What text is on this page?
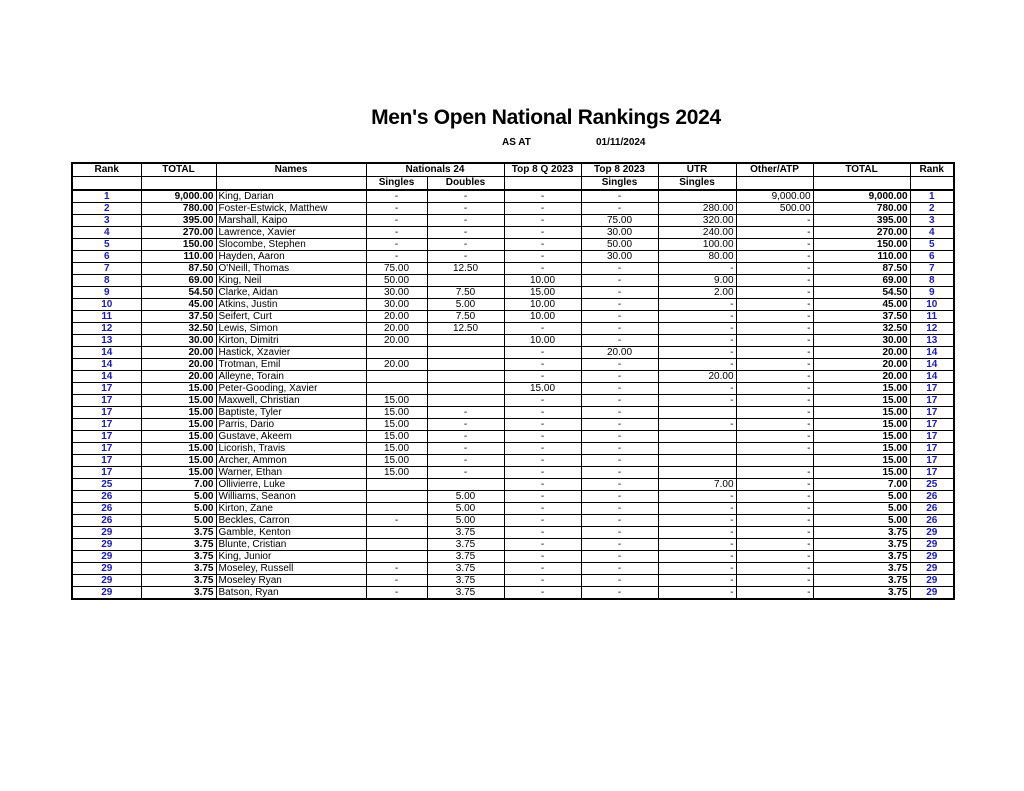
Men's Open National Rankings 2024
AS AT	01/11/2024
Rank	TOTAL	Names	Nationals 24		Top 8 Q 2023	Top 8 2023	UTR	Other/ATP	TOTAL	Rank
			Singles	Doubles		Singles	Singles			
1	9,000.00	King, Darian	-	-	-	-		9,000.00	9,000.00	1
2	780.00	Foster-Estwick, Matthew	-	-	-	-	280.00	500.00	780.00	2
3	395.00	Marshall, Kaipo	-	-	-	75.00	320.00	-	395.00	3
4	270.00	Lawrence, Xavier	-	-	-	30.00	240.00	-	270.00	4
5	150.00	Slocombe, Stephen	-	-	-	50.00	100.00	-	150.00	5
6	110.00	Hayden, Aaron	-	-	-	30.00	80.00	-	110.00	6
7	87.50	O'Neill, Thomas	75.00	12.50	-	-	-	-	87.50	7
8	69.00	King, Neil	50.00		10.00	-	9.00	-	69.00	8
9	54.50	Clarke, Aidan	30.00	7.50	15.00	-	2.00	-	54.50	9
10	45.00	Atkins, Justin	30.00	5.00	10.00	-	-	-	45.00	10
11	37.50	Seifert, Curt	20.00	7.50	10.00	-	-	-	37.50	11
12	32.50	Lewis, Simon	20.00	12.50	-	-	-	-	32.50	12
13	30.00	Kirton, Dimitri	20.00		10.00	-	-	-	30.00	13
14	20.00	Hastick, Xzavier			-	20.00	-	-	20.00	14
14	20.00	Trotman, Emil	20.00		-	-	-	-	20.00	14
14	20.00	Alleyne, Torain			-	-	20.00	-	20.00	14
17	15.00	Peter-Gooding, Xavier			15.00	-	-	-	15.00	17
17	15.00	Maxwell, Christian	15.00		-	-	-	-	15.00	17
17	15.00	Baptiste, Tyler	15.00	-	-	-		-	15.00	17
17	15.00	Parris, Dario	15.00	-	-	-	-	-	15.00	17
17	15.00	Gustave, Akeem	15.00	-	-	-		-	15.00	17
17	15.00	Licorish, Travis	15.00	-	-	-		-	15.00	17
17	15.00	Archer, Ammon	15.00	-	-	-			15.00	17
17	15.00	Warner, Ethan	15.00	-	-	-		-	15.00	17
25	7.00	Ollivierre, Luke			-	-	7.00	-	7.00	25
26	5.00	Williams, Seanon		5.00	-	-	-	-	5.00	26
26	5.00	Kirton, Zane		5.00	-	-	-	-	5.00	26
26	5.00	Beckles, Carron	-	5.00	-	-	-	-	5.00	26
29	3.75	Gamble, Kenton		3.75	-	-	-	-	3.75	29
29	3.75	Blunte, Cristian		3.75	-	-	-	-	3.75	29
29	3.75	King, Junior		3.75	-	-	-	-	3.75	29
29	3.75	Moseley, Russell	-	3.75	-	-	-	-	3.75	29
29	3.75	Moseley Ryan	-	3.75	-	-	-	-	3.75	29
29	3.75	Batson, Ryan	-	3.75	-	-	-	-	3.75	29
